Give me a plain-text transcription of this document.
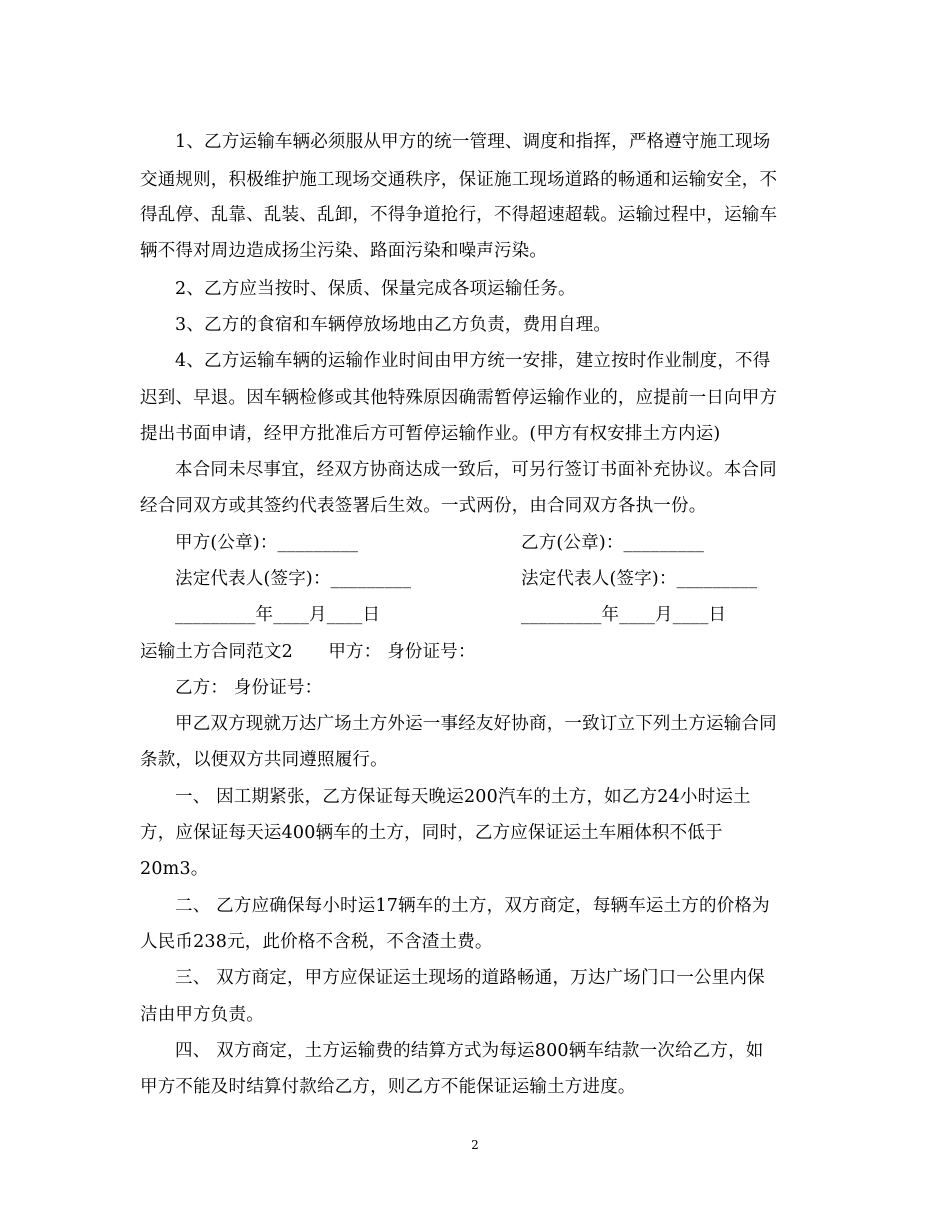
1、乙方运输车辆必须服从甲方的统一管理、调度和指挥，严格遵守施工现场
交通规则，积极维护施工现场交通秩序，保证施工现场道路的畅通和运输安全，不
得乱停、乱靠、乱装、乱卸，不得争道抢行，不得超速超载。运输过程中，运输车
辆不得对周边造成扬尘污染、路面污染和噪声污染。
2、乙方应当按时、保质、保量完成各项运输任务。
3、乙方的食宿和车辆停放场地由乙方负责，费用自理。
4、乙方运输车辆的运输作业时间由甲方统一安排，建立按时作业制度，不得
迟到、早退。因车辆检修或其他特殊原因确需暂停运输作业的，应提前一日向甲方
提出书面申请，经甲方批准后方可暂停运输作业。(甲方有权安排土方内运)
本合同未尽事宜，经双方协商达成一致后，可另行签订书面补充协议。本合同
经合同双方或其签约代表签署后生效。一式两份，由合同双方各执一份。
甲方(公章)：_________	乙方(公章)：_________
法定代表人(签字)：_________	法定代表人(签字)：_________
_________年____月____日	_________年____月____日
运输土方合同范文2　　甲方： 身份证号：
乙方： 身份证号：
甲乙双方现就万达广场土方外运一事经友好协商，一致订立下列土方运输合同
条款，以便双方共同遵照履行。
一、 因工期紧张，乙方保证每天晚运200汽车的土方，如乙方24小时运土
方，应保证每天运400辆车的土方，同时，乙方应保证运土车厢体积不低于
20m3。
二、 乙方应确保每小时运17辆车的土方，双方商定，每辆车运土方的价格为
人民币238元，此价格不含税，不含渣土费。
三、 双方商定，甲方应保证运土现场的道路畅通，万达广场门口一公里内保
洁由甲方负责。
四、 双方商定，土方运输费的结算方式为每运800辆车结款一次给乙方，如
甲方不能及时结算付款给乙方，则乙方不能保证运输土方进度。
2
